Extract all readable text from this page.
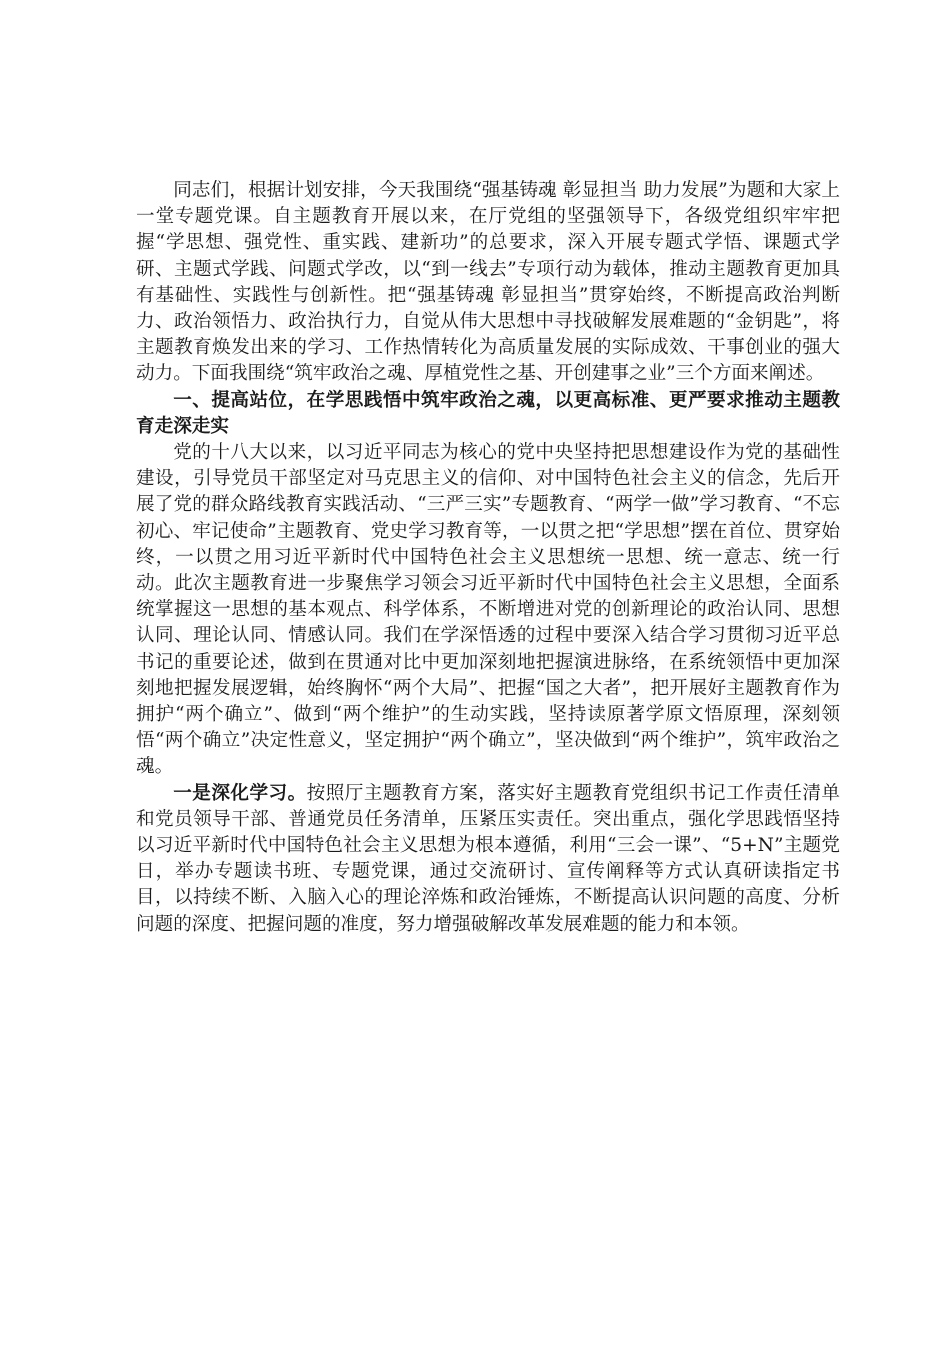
同志们，根据计划安排，今天我围绕“强基铸魂 彰显担当 助力发展”为题和大家上一堂专题党课。自主题教育开展以来，在厅党组的坚强领导下，各级党组织牢牢把握“学思想、强党性、重实践、建新功”的总要求，深入开展专题式学悟、课题式学研、主题式学践、问题式学改，以“到一线去”专项行动为载体，推动主题教育更加具有基础性、实践性与创新性。把“强基铸魂 彰显担当”贯穿始终，不断提高政治判断力、政治领悟力、政治执行力，自觉从伟大思想中寻找破解发展难题的“金钥匙”，将主题教育焕发出来的学习、工作热情转化为高质量发展的实际成效、干事创业的强大动力。下面我围绕“筑牢政治之魂、厚植党性之基、开创建事之业”三个方面来阐述。

一、提高站位，在学思践悟中筑牢政治之魂，以更高标准、更严要求推动主题教育走深走实

党的十八大以来，以习近平同志为核心的党中央坚持把思想建设作为党的基础性建设，引导党员干部坚定对马克思主义的信仰、对中国特色社会主义的信念，先后开展了党的群众路线教育实践活动、“三严三实”专题教育、“两学一做”学习教育、“不忘初心、牢记使命”主题教育、党史学习教育等，一以贯之把“学思想”摆在首位、贯穿始终，一以贯之用习近平新时代中国特色社会主义思想统一思想、统一意志、统一行动。此次主题教育进一步聚焦学习领会习近平新时代中国特色社会主义思想，全面系统掌握这一思想的基本观点、科学体系，不断增进对党的创新理论的政治认同、思想认同、理论认同、情感认同。我们在学深悟透的过程中要深入结合学习贯彻习近平总书记的重要论述，做到在贯通对比中更加深刻地把握演进脉络，在系统领悟中更加深刻地把握发展逻辑，始终胸怀“两个大局”、把握“国之大者”，把开展好主题教育作为拥护“两个确立”、做到“两个维护”的生动实践，坚持读原著学原文悟原理，深刻领悟“两个确立”决定性意义，坚定拥护“两个确立”，坚决做到“两个维护”，筑牢政治之魂。

一是深化学习。按照厅主题教育方案，落实好主题教育党组织书记工作责任清单和党员领导干部、普通党员任务清单，压紧压实责任。突出重点，强化学思践悟坚持以习近平新时代中国特色社会主义思想为根本遵循，利用“三会一课”、“5+N”主题党日，举办专题读书班、专题党课，通过交流研讨、宣传阐释等方式认真研读指定书目，以持续不断、入脑入心的理论淬炼和政治锤炼，不断提高认识问题的高度、分析问题的深度、把握问题的准度，努力增强破解改革发展难题的能力和本领。
